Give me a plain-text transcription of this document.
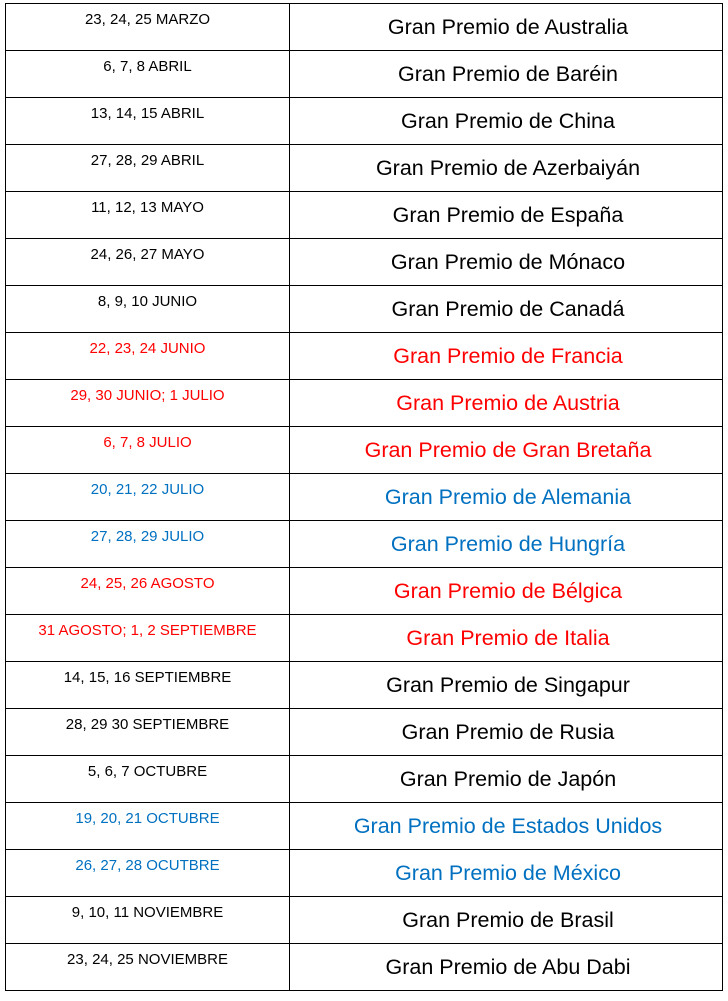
23, 24, 25 MARZO	Gran Premio de Australia
6, 7, 8 ABRIL	Gran Premio de Baréin
13, 14, 15 ABRIL	Gran Premio de China
27, 28, 29 ABRIL	Gran Premio de Azerbaiyán
11, 12, 13 MAYO	Gran Premio de España
24, 26, 27 MAYO	Gran Premio de Mónaco
8, 9, 10 JUNIO	Gran Premio de Canadá
22, 23, 24 JUNIO	Gran Premio de Francia
29, 30 JUNIO; 1 JULIO	Gran Premio de Austria
6, 7, 8 JULIO	Gran Premio de Gran Bretaña
20, 21, 22 JULIO	Gran Premio de Alemania
27, 28, 29 JULIO	Gran Premio de Hungría
24, 25, 26 AGOSTO	Gran Premio de Bélgica
31 AGOSTO; 1, 2 SEPTIEMBRE	Gran Premio de Italia
14, 15, 16 SEPTIEMBRE	Gran Premio de Singapur
28, 29 30 SEPTIEMBRE	Gran Premio de Rusia
5, 6, 7 OCTUBRE	Gran Premio de Japón
19, 20, 21 OCTUBRE	Gran Premio de Estados Unidos
26, 27, 28 OCUTBRE	Gran Premio de México
9, 10, 11 NOVIEMBRE	Gran Premio de Brasil
23, 24, 25 NOVIEMBRE	Gran Premio de Abu Dabi
